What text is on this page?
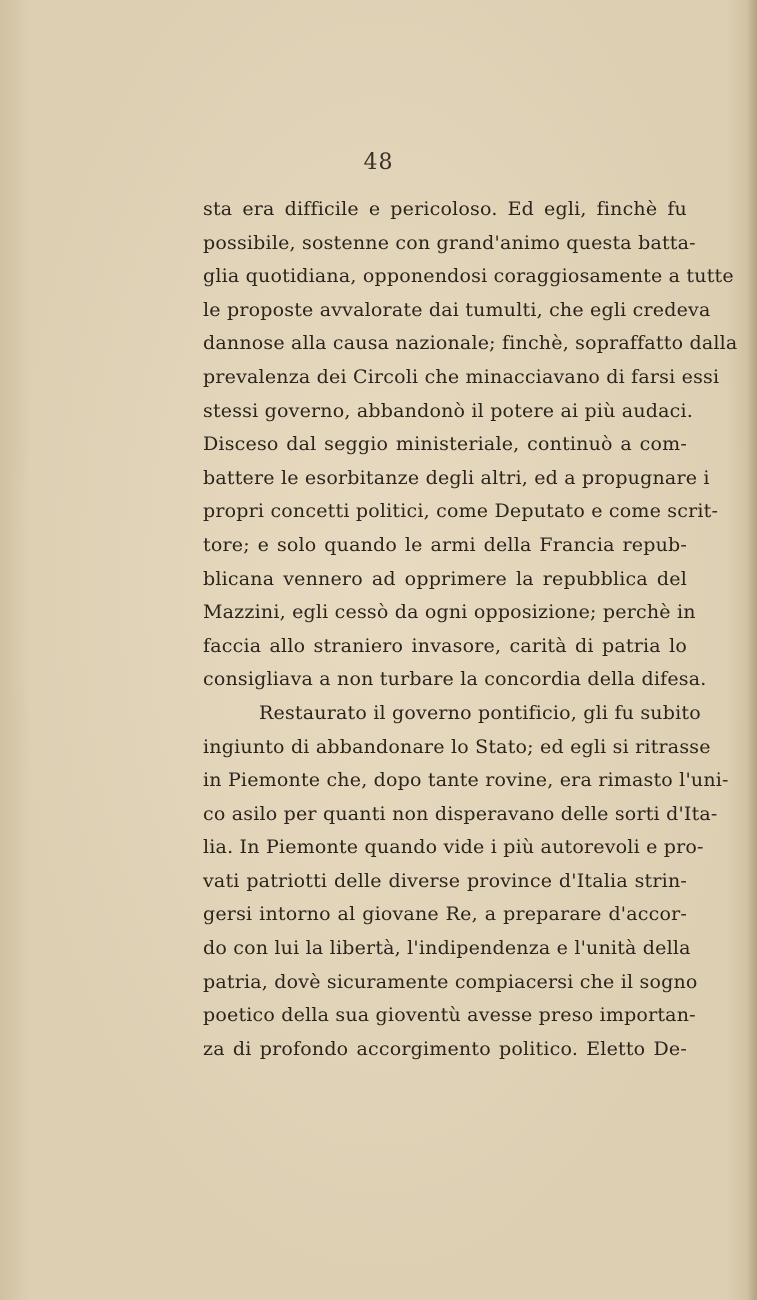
48
sta era difficile e pericoloso. Ed egli, finchè fu
possibile, sostenne con grand'animo questa batta-
glia quotidiana, opponendosi coraggiosamente a tutte
le proposte avvalorate dai tumulti, che egli credeva
dannose alla causa nazionale; finchè, sopraffatto dalla
prevalenza dei Circoli che minacciavano di farsi essi
stessi governo, abbandonò il potere ai più audaci.
Disceso dal seggio ministeriale, continuò a com-
battere le esorbitanze degli altri, ed a propugnare i
propri concetti politici, come Deputato e come scrit-
tore; e solo quando le armi della Francia repub-
blicana vennero ad opprimere la repubblica del
Mazzini, egli cessò da ogni opposizione; perchè in
faccia allo straniero invasore, carità di patria lo
consigliava a non turbare la concordia della difesa.
Restaurato il governo pontificio, gli fu subito
ingiunto di abbandonare lo Stato; ed egli si ritrasse
in Piemonte che, dopo tante rovine, era rimasto l'uni-
co asilo per quanti non disperavano delle sorti d'Ita-
lia. In Piemonte quando vide i più autorevoli e pro-
vati patriotti delle diverse province d'Italia strin-
gersi intorno al giovane Re, a preparare d'accor-
do con lui la libertà, l'indipendenza e l'unità della
patria, dovè sicuramente compiacersi che il sogno
poetico della sua gioventù avesse preso importan-
za di profondo accorgimento politico. Eletto De-
